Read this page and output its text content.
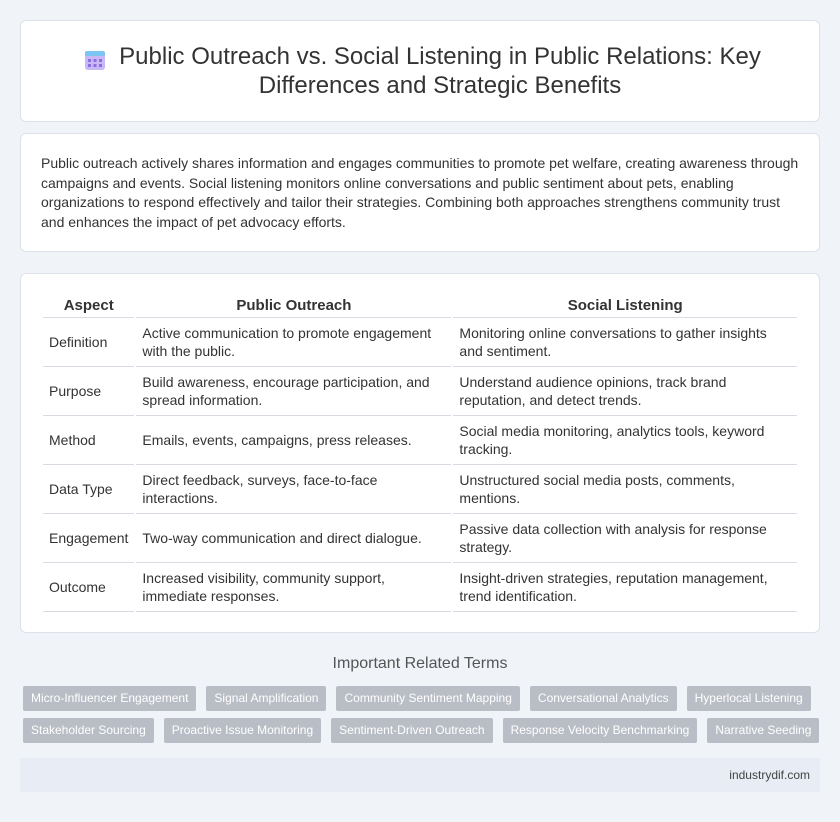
Public Outreach vs. Social Listening in Public Relations: Key Differences and Strategic Benefits

Public outreach actively shares information and engages communities to promote pet welfare, creating awareness through campaigns and events. Social listening monitors online conversations and public sentiment about pets, enabling organizations to respond effectively and tailor their strategies. Combining both approaches strengthens community trust and enhances the impact of pet advocacy efforts.

Aspect	Public Outreach	Social Listening
Definition	Active communication to promote engagement with the public.	Monitoring online conversations to gather insights and sentiment.
Purpose	Build awareness, encourage participation, and spread information.	Understand audience opinions, track brand reputation, and detect trends.
Method	Emails, events, campaigns, press releases.	Social media monitoring, analytics tools, keyword tracking.
Data Type	Direct feedback, surveys, face-to-face interactions.	Unstructured social media posts, comments, mentions.
Engagement	Two-way communication and direct dialogue.	Passive data collection with analysis for response strategy.
Outcome	Increased visibility, community support, immediate responses.	Insight-driven strategies, reputation management, trend identification.
Important Related Terms
Micro-Influencer Engagement	Signal Amplification	Community Sentiment Mapping	Conversational Analytics	Hyperlocal Listening
Stakeholder Sourcing	Proactive Issue Monitoring	Sentiment-Driven Outreach	Response Velocity Benchmarking	Narrative Seeding
industrydif.com
